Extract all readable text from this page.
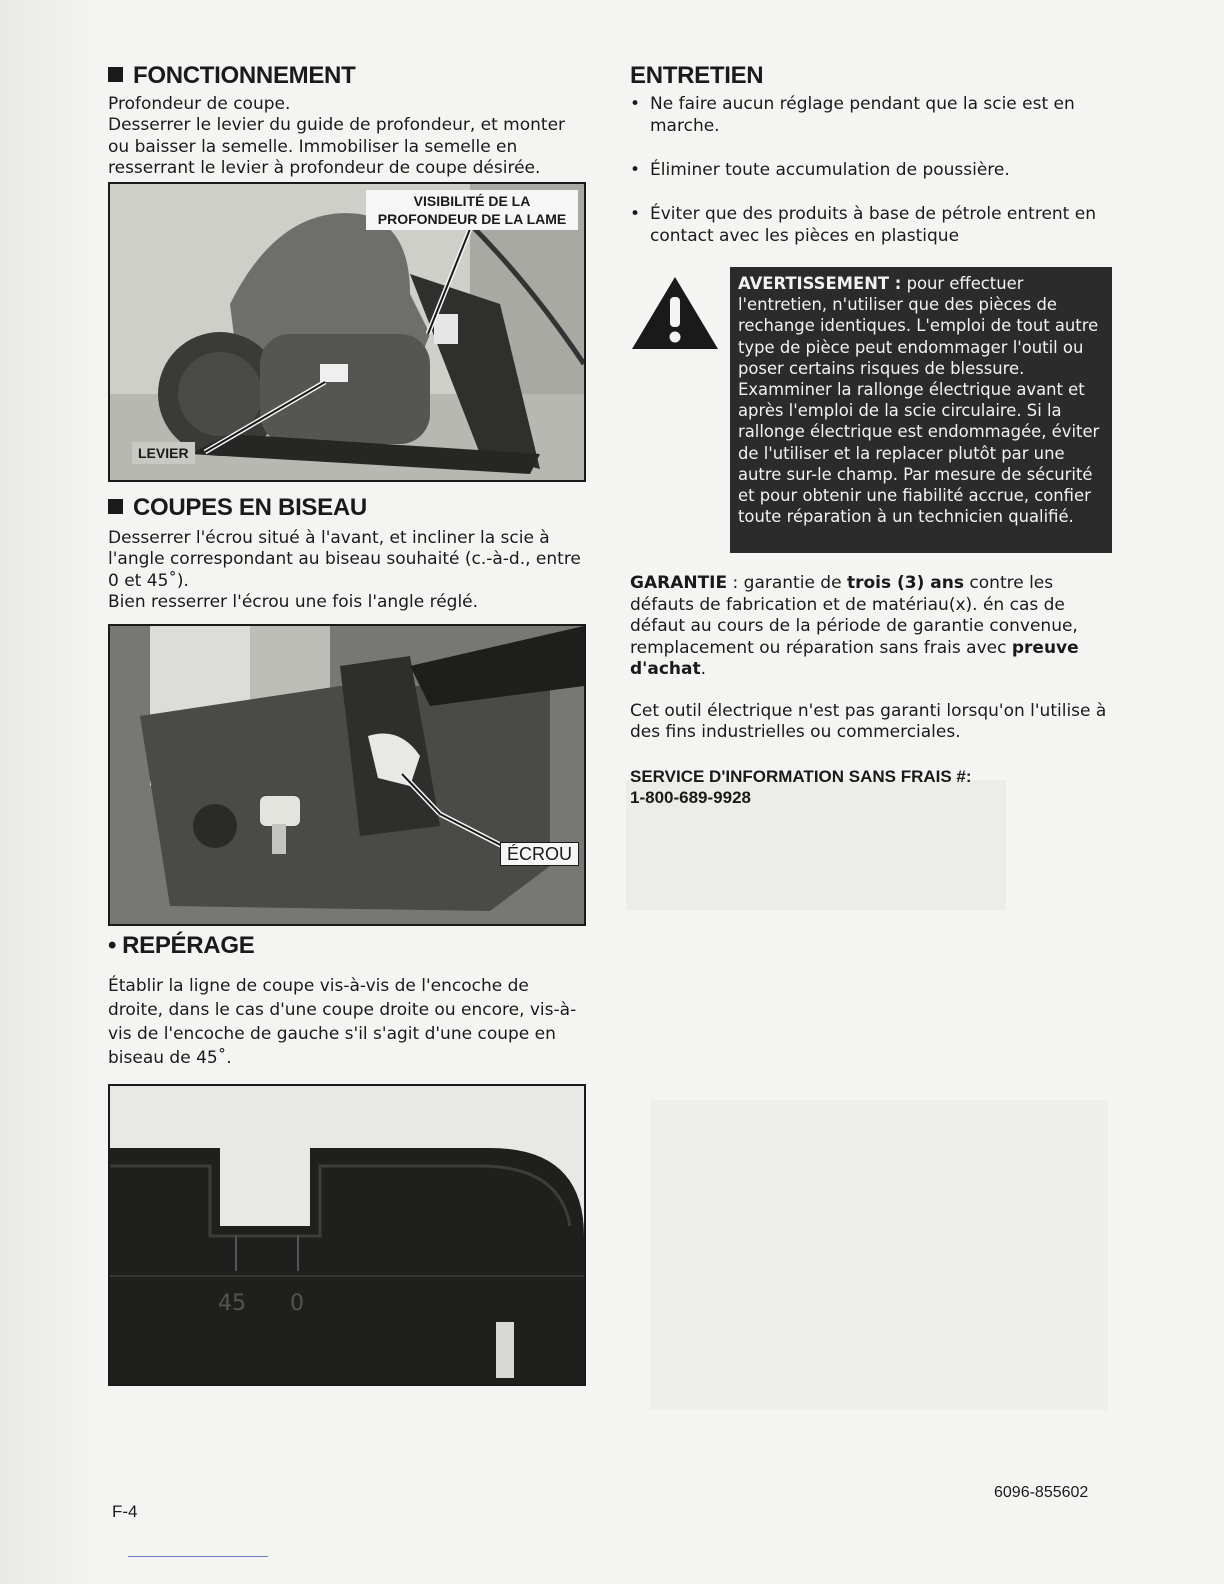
FONCTIONNEMENT

Profondeur de coupe.

Desserrer le levier du guide de profondeur, et monter ou baisser la semelle. Immobiliser la semelle en resserrant le levier à profondeur de coupe désirée.

VISIBILITÉ DE LA
PROFONDEUR DE LA LAME
LEVIER
COUPES EN BISEAU

Desserrer l'écrou situé à l'avant, et incliner la scie à l'angle correspondant au biseau souhaité (c.-à-d., entre 0 et 45˚).

Bien resserrer l'écrou une fois l'angle réglé.

ÉCROU
• REPÉRAGE

Établir la ligne de coupe vis-à-vis de l'encoche de droite, dans le cas d'une coupe droite ou encore, vis-à-vis de l'encoche de gauche s'il s'agit d'une coupe en biseau de 45˚.

45 0
ENTRETIEN
• Ne faire aucun réglage pendant que la scie est en marche.
• Éliminer toute accumulation de poussière.
• Éviter que des produits à base de pétrole entrent en contact avec les pièces en plastique
AVERTISSEMENT : pour effectuer l'entretien, n'utiliser que des pièces de rechange identiques. L'emploi de tout autre type de pièce peut endommager l'outil ou poser certains risques de blessure. Examminer la rallonge électrique avant et après l'emploi de la scie circulaire. Si la rallonge électrique est endommagée, éviter de l'utiliser et la replacer plutôt par une autre sur-le champ. Par mesure de sécurité et pour obtenir une fiabilité accrue, confier toute réparation à un technicien qualifié.

GARANTIE : garantie de trois (3) ans contre les défauts de fabrication et de matériau(x). én cas de défaut au cours de la période de garantie convenue, remplacement ou réparation sans frais avec preuve d'achat.

Cet outil électrique n'est pas garanti lorsqu'on l'utilise à des fins industrielles ou commerciales.

SERVICE D'INFORMATION SANS FRAIS #:

1-800-689-9928

F-4
6096-855602
